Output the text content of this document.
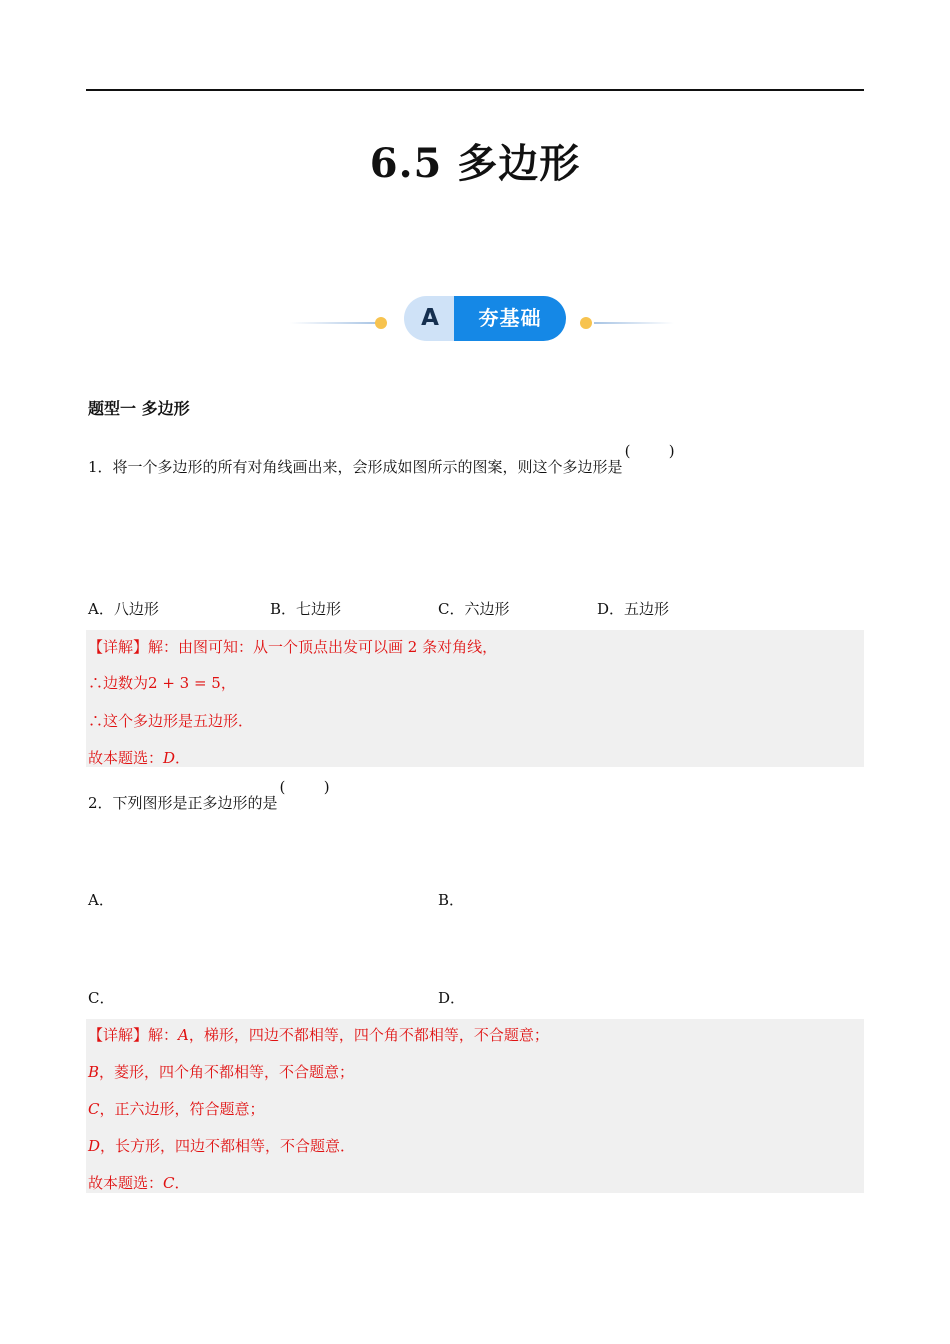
6.5 多边形
A	夯基础
题型一 多边形
1．将一个多边形的所有对角线画出来，会形成如图所示的图案，则这个多边形是
(	)
A．八边形	B．七边形	C．六边形	D．五边形
【详解】解：由图可知：从一个顶点出发可以画 2 条对角线，
∴边数为2 + 3 = 5，
∴这个多边形是五边形．
故本题选：D．
2．下列图形是正多边形的是
(	)
A．	B．
C．	D．
【详解】解：A，梯形，四边不都相等，四个角不都相等，不合题意；
B，菱形，四个角不都相等，不合题意；
C，正六边形，符合题意；
D，长方形，四边不都相等，不合题意．
故本题选：C．
